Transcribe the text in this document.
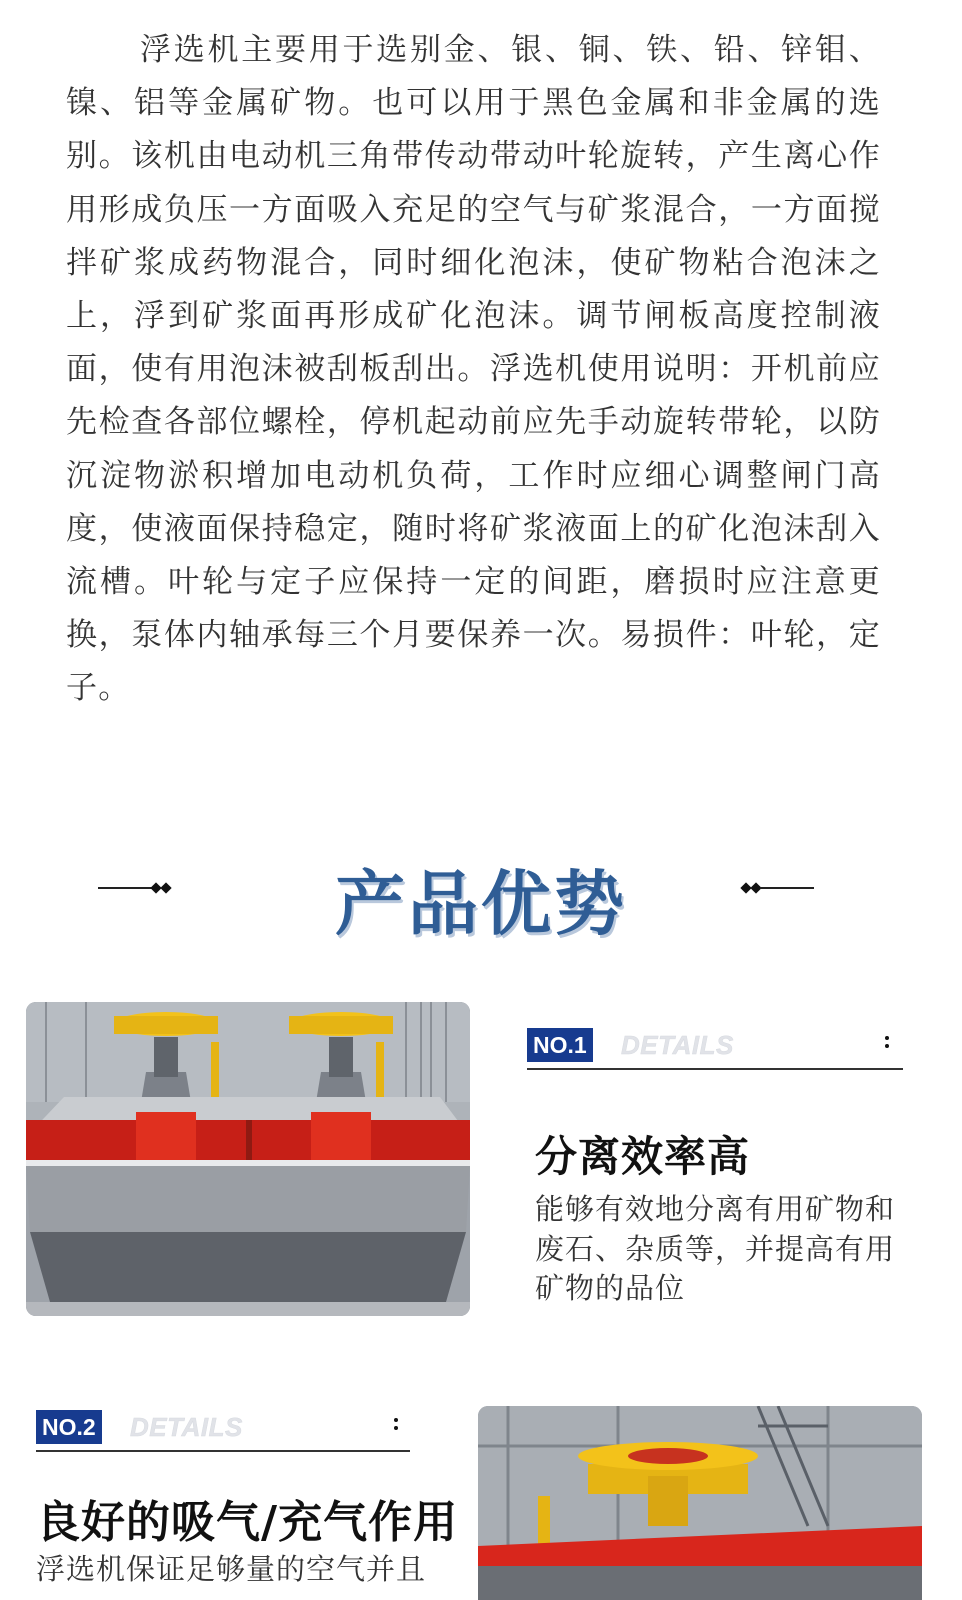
浮选机主要用于选别金、银、铜、铁、铅、锌钼、镍、铝等金属矿物。也可以用于黑色金属和非金属的选别。该机由电动机三角带传动带动叶轮旋转，产生离心作用形成负压一方面吸入充足的空气与矿浆混合，一方面搅拌矿浆成药物混合，同时细化泡沫，使矿物粘合泡沫之上，浮到矿浆面再形成矿化泡沫。调节闸板高度控制液面，使有用泡沫被刮板刮出。浮选机使用说明：开机前应先检查各部位螺栓，停机起动前应先手动旋转带轮，以防沉淀物淤积增加电动机负荷，工作时应细心调整闸门高度，使液面保持稳定，随时将矿浆液面上的矿化泡沫刮入流槽。叶轮与定子应保持一定的间距，磨损时应注意更换，泵体内轴承每三个月要保养一次。易损件：叶轮，定子。

产品优势
NO.1 DETAILS
分离效率高
能够有效地分离有用矿物和废石、杂质等，并提高有用矿物的品位
NO.2 DETAILS
良好的吸气/充气作用
浮选机保证足够量的空气并且
